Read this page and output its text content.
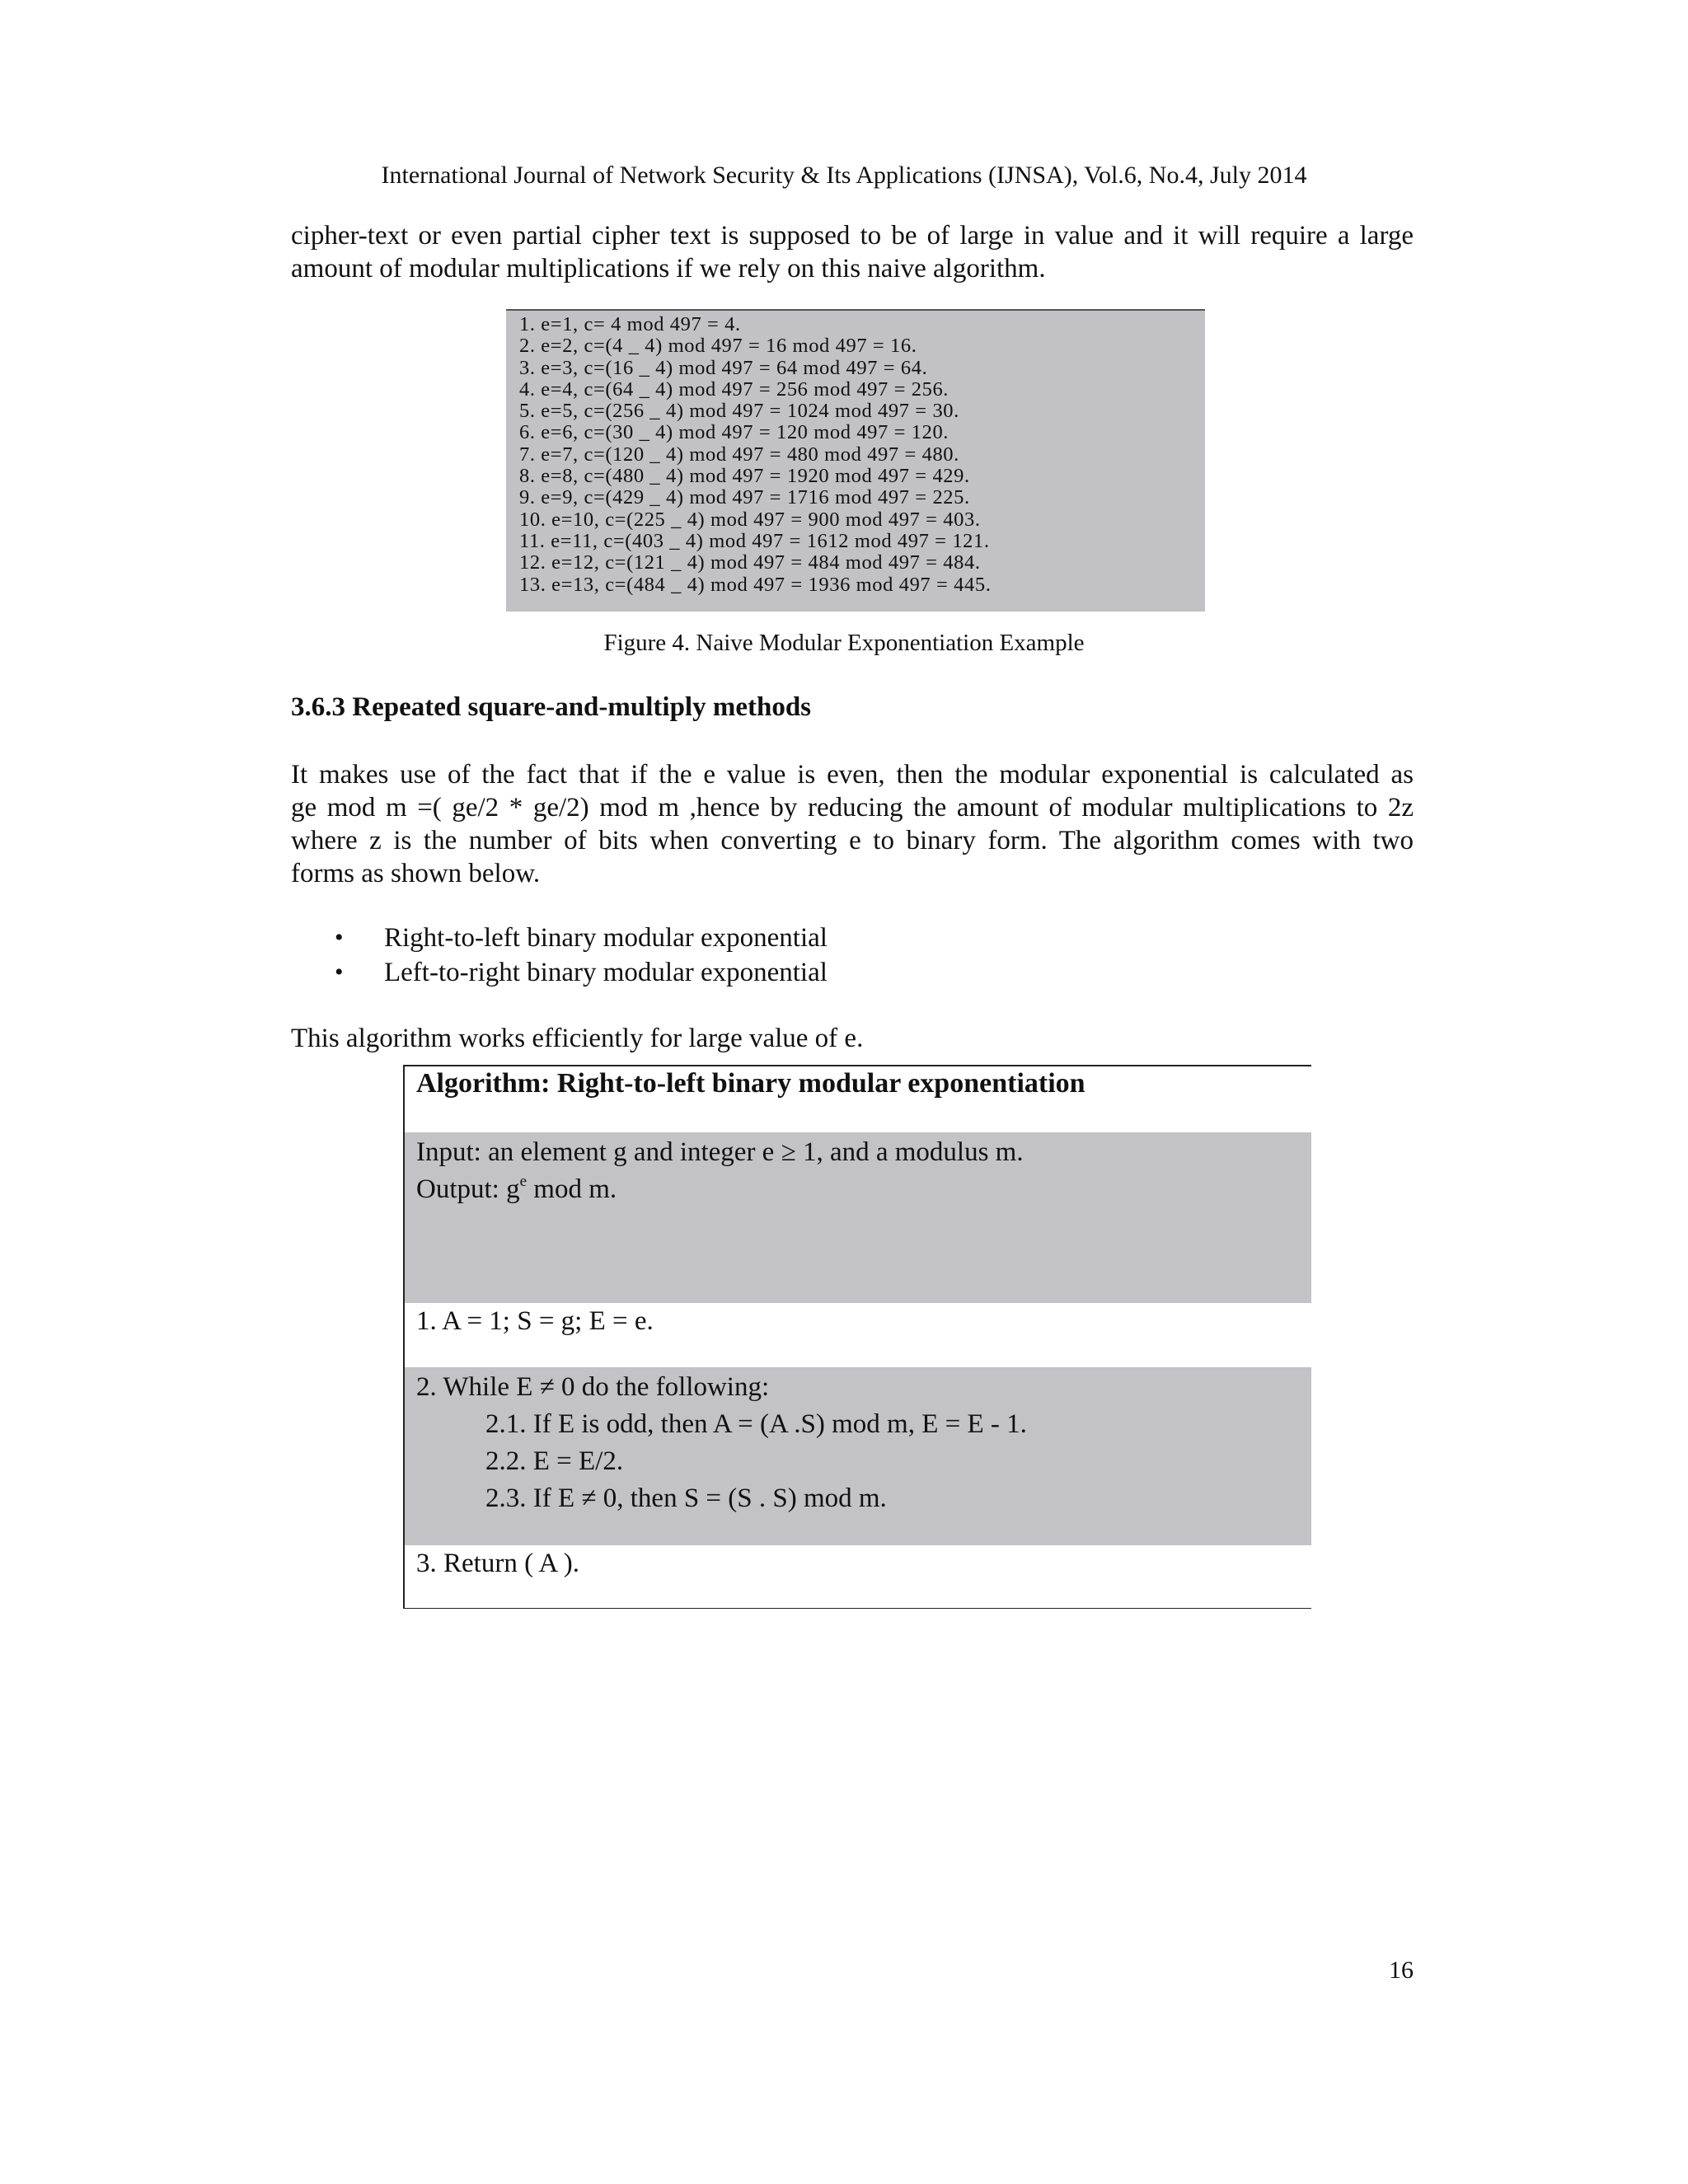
International Journal of Network Security & Its Applications (IJNSA), Vol.6, No.4, July 2014

cipher-text or even partial cipher text is supposed to be of large in value and it will require a large
amount of modular multiplications if we rely on this naive algorithm.

1. e=1, c= 4 mod 497 = 4.
2. e=2, c=(4 _ 4) mod 497 = 16 mod 497 = 16.
3. e=3, c=(16 _ 4) mod 497 = 64 mod 497 = 64.
4. e=4, c=(64 _ 4) mod 497 = 256 mod 497 = 256.
5. e=5, c=(256 _ 4) mod 497 = 1024 mod 497 = 30.
6. e=6, c=(30 _ 4) mod 497 = 120 mod 497 = 120.
7. e=7, c=(120 _ 4) mod 497 = 480 mod 497 = 480.
8. e=8, c=(480 _ 4) mod 497 = 1920 mod 497 = 429.
9. e=9, c=(429 _ 4) mod 497 = 1716 mod 497 = 225.
10. e=10, c=(225 _ 4) mod 497 = 900 mod 497 = 403.
11. e=11, c=(403 _ 4) mod 497 = 1612 mod 497 = 121.
12. e=12, c=(121 _ 4) mod 497 = 484 mod 497 = 484.
13. e=13, c=(484 _ 4) mod 497 = 1936 mod 497 = 445.
Figure 4. Naive Modular Exponentiation Example
3.6.3 Repeated square-and-multiply methods

It makes use of the fact that if the e value is even, then the modular exponential is calculated as
ge mod m =( ge/2 * ge/2) mod m ,hence by reducing the amount of modular multiplications to 2z
where z is the number of bits when converting e to binary form. The algorithm comes with two
forms as shown below.

• Right-to-left binary modular exponential
• Left-to-right binary modular exponential

This algorithm works efficiently for large value of e.

Algorithm: Right-to-left binary modular exponentiation
Input: an element g and integer e ≥ 1, and a modulus m.
Output: $g^e$ mod m.
1. A = 1; S = g; E = e.
2. While E ≠ 0 do the following:
2.1. If E is odd, then A = (A .S) mod m, E = E - 1.
2.2. E = E/2.
2.3. If E ≠ 0, then S = (S . S) mod m.
3. Return ( A ).
16
